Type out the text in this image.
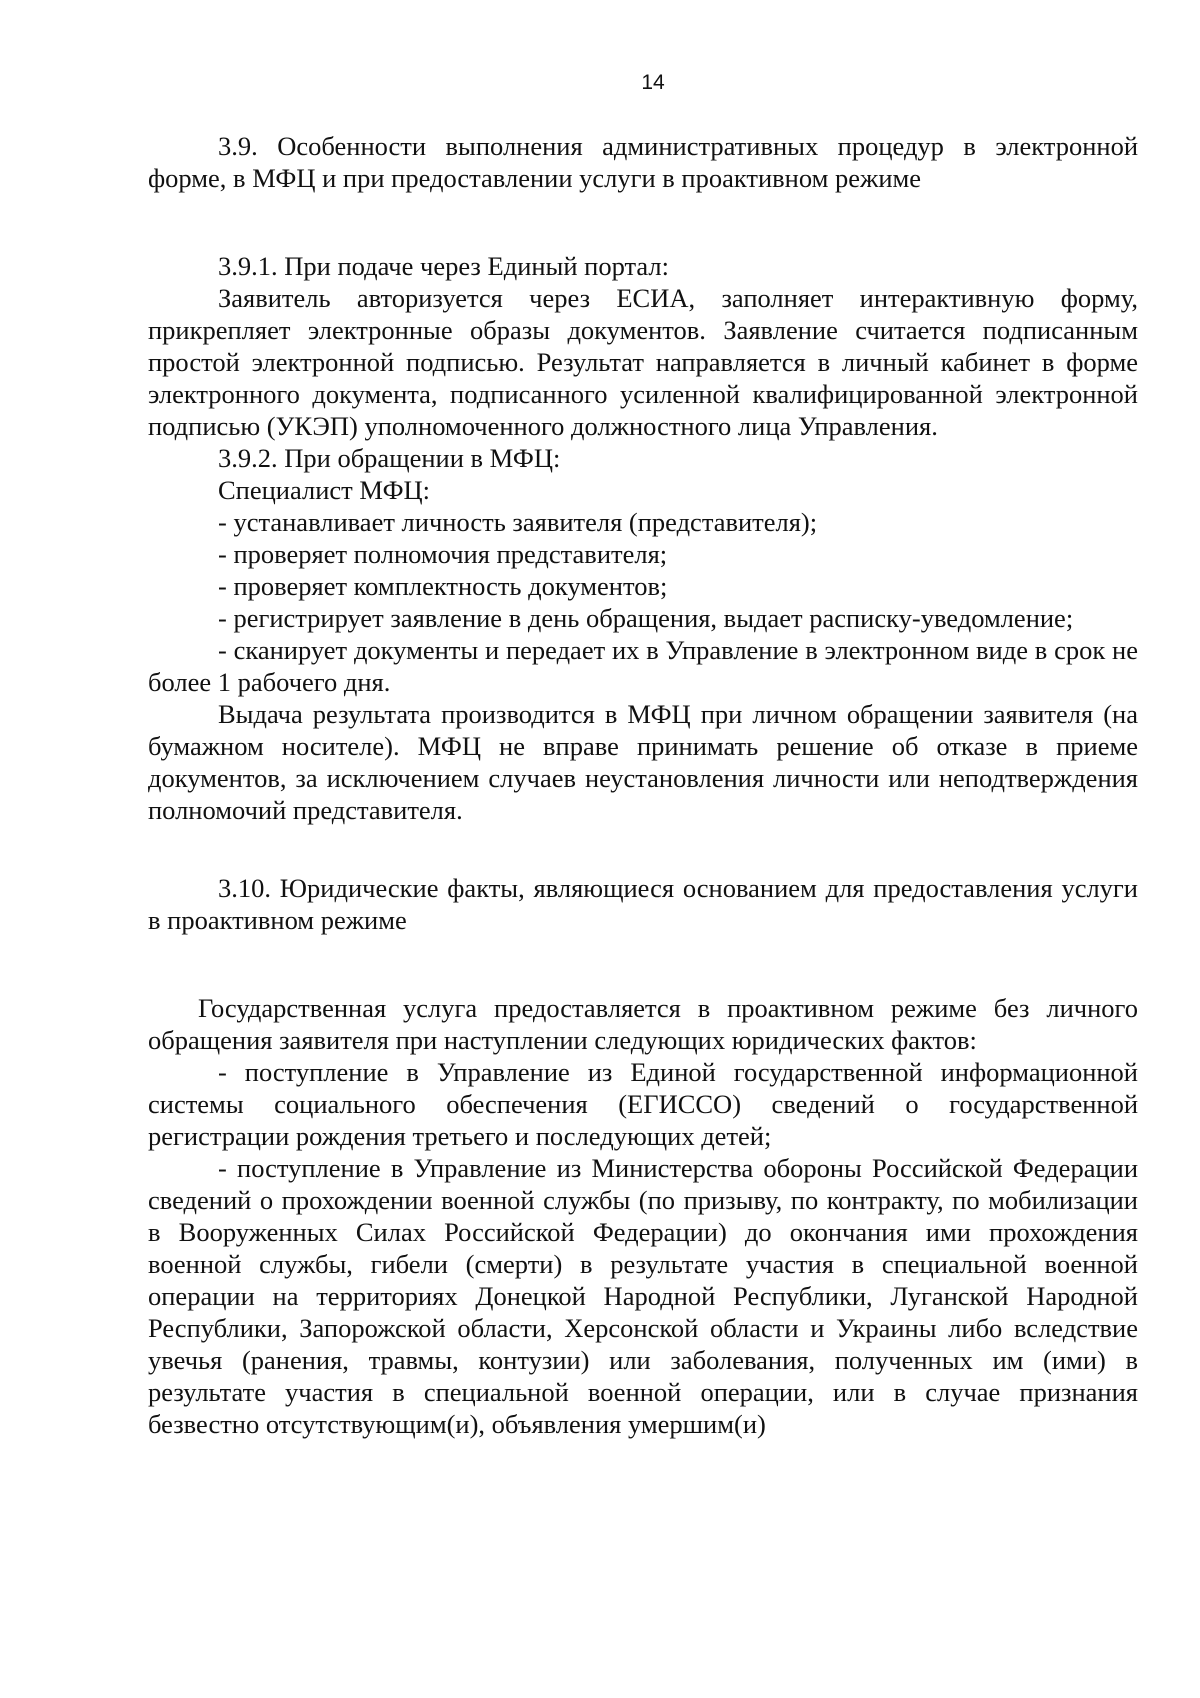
14

3.9. Особенности выполнения административных процедур в электронной форме, в МФЦ и при предоставлении услуги в проактивном режиме

3.9.1. При подаче через Единый портал:

Заявитель авторизуется через ЕСИА, заполняет интерактивную форму, прикрепляет электронные образы документов. Заявление считается подписанным простой электронной подписью. Результат направляется в личный кабинет в форме электронного документа, подписанного усиленной квалифицированной электронной подписью (УКЭП) уполномоченного должностного лица Управления.

3.9.2. При обращении в МФЦ:

Специалист МФЦ:

- устанавливает личность заявителя (представителя);

- проверяет полномочия представителя;

- проверяет комплектность документов;

- регистрирует заявление в день обращения, выдает расписку-уведомление;

- сканирует документы и передает их в Управление в электронном виде в срок не более 1 рабочего дня.

Выдача результата производится в МФЦ при личном обращении заявителя (на бумажном носителе). МФЦ не вправе принимать решение об отказе в приеме документов, за исключением случаев неустановления личности или неподтверждения полномочий представителя.

3.10. Юридические факты, являющиеся основанием для предоставления услуги в проактивном режиме

Государственная услуга предоставляется в проактивном режиме без личного обращения заявителя при наступлении следующих юридических фактов:

- поступление в Управление из Единой государственной информационной системы социального обеспечения (ЕГИССО) сведений о государственной регистрации рождения третьего и последующих детей;

- поступление в Управление из Министерства обороны Российской Федерации сведений о прохождении военной службы (по призыву, по контракту, по мобилизации в Вооруженных Силах Российской Федерации) до окончания ими прохождения военной службы, гибели (смерти) в результате участия в специальной военной операции на территориях Донецкой Народной Республики, Луганской Народной Республики, Запорожской области, Херсонской области и Украины либо вследствие увечья (ранения, травмы, контузии) или заболевания, полученных им (ими) в результате участия в специальной военной операции, или в случае признания безвестно отсутствующим(и), объявления умершим(и)
